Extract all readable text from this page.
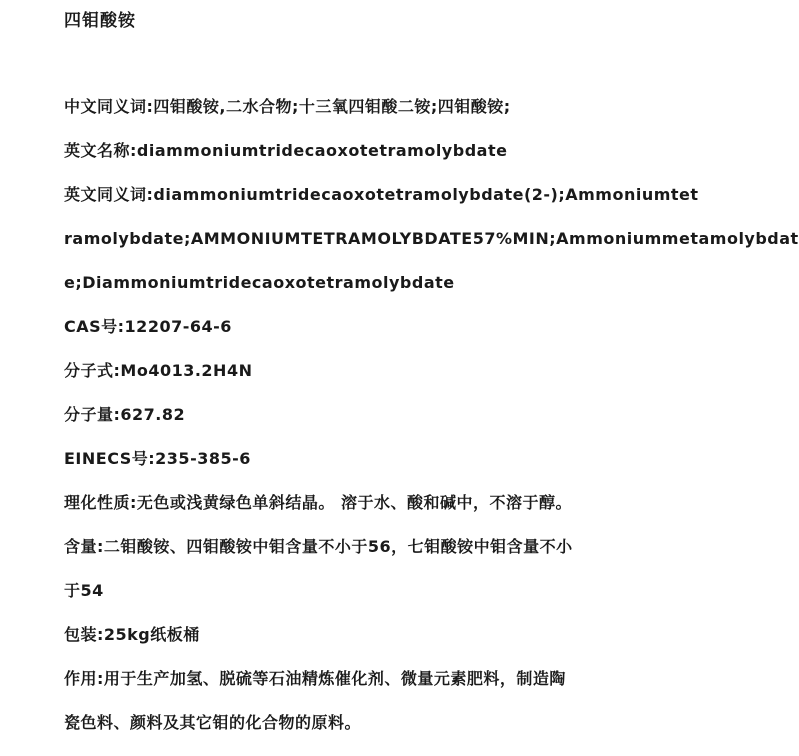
四钼酸铵
中文同义词:四钼酸铵,二水合物;十三氧四钼酸二铵;四钼酸铵;
英文名称:diammoniumtridecaoxotetramolybdate
英文同义词:diammoniumtridecaoxotetramolybdate(2-);Ammoniumtet
ramolybdate;AMMONIUMTETRAMOLYBDATE57%MIN;Ammoniummetamolybdat
e;Diammoniumtridecaoxotetramolybdate
CAS号:12207-64-6
分子式:Mo4013.2H4N
分子量:627.82
EINECS号:235-385-6
理化性质:无色或浅黄绿色单斜结晶。 溶于水、酸和碱中，不溶于醇。
含量:二钼酸铵、四钼酸铵中钼含量不小于56，七钼酸铵中钼含量不小
于54
包装:25kg纸板桶
作用:用于生产加氢、脱硫等石油精炼催化剂、微量元素肥料，制造陶
瓷色料、颜料及其它钼的化合物的原料。
